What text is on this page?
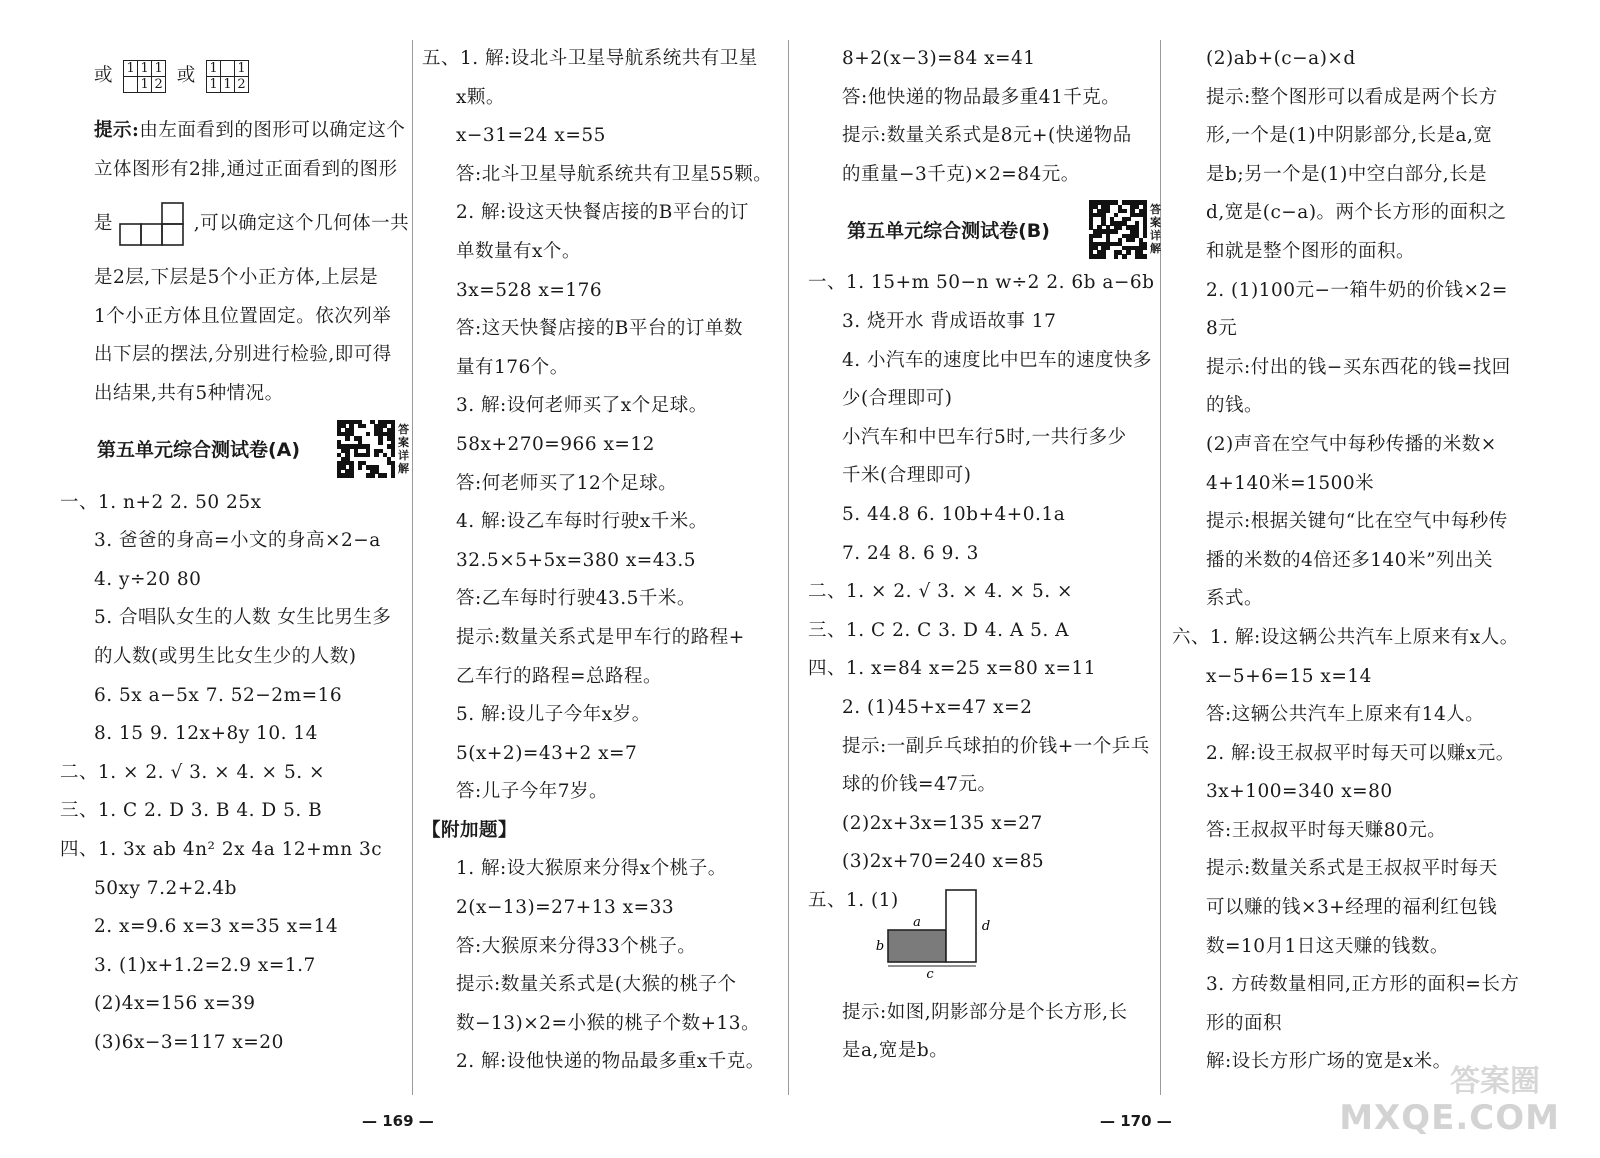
或 1	1	1
	1	2 或 1		1
1	1	2
提示:由左面看到的图形可以确定这个
立体图形有2排,通过正面看到的图形
是	,可以确定这个几何体一共
是2层,下层是5个小正方体,上层是
1个小正方体且位置固定。依次列举
出下层的摆法,分别进行检验,即可得
出结果,共有5种情况。
第五单元综合测试卷(A)
答案详解
一、1. n+2 2. 50 25x
3. 爸爸的身高=小文的身高×2−a
4. y÷20 80
5. 合唱队女生的人数 女生比男生多
的人数(或男生比女生少的人数)
6. 5x a−5x 7. 52−2m=16
8. 15 9. 12x+8y 10. 14
二、1. × 2. √ 3. × 4. × 5. ×
三、1. C 2. D 3. B 4. D 5. B
四、1. 3x ab 4n² 2x 4a 12+mn 3c
50xy 7.2+2.4b
2. x=9.6 x=3 x=35 x=14
3. (1)x+1.2=2.9 x=1.7
(2)4x=156 x=39
(3)6x−3=117 x=20
五、1. 解:设北斗卫星导航系统共有卫星
x颗。
x−31=24 x=55
答:北斗卫星导航系统共有卫星55颗。
2. 解:设这天快餐店接的B平台的订
单数量有x个。
3x=528 x=176
答:这天快餐店接的B平台的订单数
量有176个。
3. 解:设何老师买了x个足球。
58x+270=966 x=12
答:何老师买了12个足球。
4. 解:设乙车每时行驶x千米。
32.5×5+5x=380 x=43.5
答:乙车每时行驶43.5千米。
提示:数量关系式是甲车行的路程+
乙车行的路程=总路程。
5. 解:设儿子今年x岁。
5(x+2)=43+2 x=7
答:儿子今年7岁。
【附加题】
1. 解:设大猴原来分得x个桃子。
2(x−13)=27+13 x=33
答:大猴原来分得33个桃子。
提示:数量关系式是(大猴的桃子个
数−13)×2=小猴的桃子个数+13。
2. 解:设他快递的物品最多重x千克。
8+2(x−3)=84 x=41
答:他快递的物品最多重41千克。
提示:数量关系式是8元+(快递物品
的重量−3千克)×2=84元。
第五单元综合测试卷(B)
答案详解
一、1. 15+m 50−n w÷2 2. 6b a−6b
3. 烧开水 背成语故事 17
4. 小汽车的速度比中巴车的速度快多
少(合理即可)
小汽车和中巴车行5时,一共行多少
千米(合理即可)
5. 44.8 6. 10b+4+0.1a
7. 24 8. 6 9. 3
二、1. × 2. √ 3. × 4. × 5. ×
三、1. C 2. C 3. D 4. A 5. A
四、1. x=84 x=25 x=80 x=11
2. (1)45+x=47 x=2
提示:一副乒乓球拍的价钱+一个乒乓
球的价钱=47元。
(2)2x+3x=135 x=27
(3)2x+70=240 x=85
五、1. (1)
a
b
c
d
提示:如图,阴影部分是个长方形,长
是a,宽是b。
(2)ab+(c−a)×d
提示:整个图形可以看成是两个长方
形,一个是(1)中阴影部分,长是a,宽
是b;另一个是(1)中空白部分,长是
d,宽是(c−a)。两个长方形的面积之
和就是整个图形的面积。
2. (1)100元−一箱牛奶的价钱×2=
8元
提示:付出的钱−买东西花的钱=找回
的钱。
(2)声音在空气中每秒传播的米数×
4+140米=1500米
提示:根据关键句“比在空气中每秒传
播的米数的4倍还多140米”列出关
系式。
六、1. 解:设这辆公共汽车上原来有x人。
x−5+6=15 x=14
答:这辆公共汽车上原来有14人。
2. 解:设王叔叔平时每天可以赚x元。
3x+100=340 x=80
答:王叔叔平时每天赚80元。
提示:数量关系式是王叔叔平时每天
可以赚的钱×3+经理的福利红包钱
数=10月1日这天赚的钱数。
3. 方砖数量相同,正方形的面积=长方
形的面积
解:设长方形广场的宽是x米。
— 169 —	— 170 —
答案圈
MXQE.COM
